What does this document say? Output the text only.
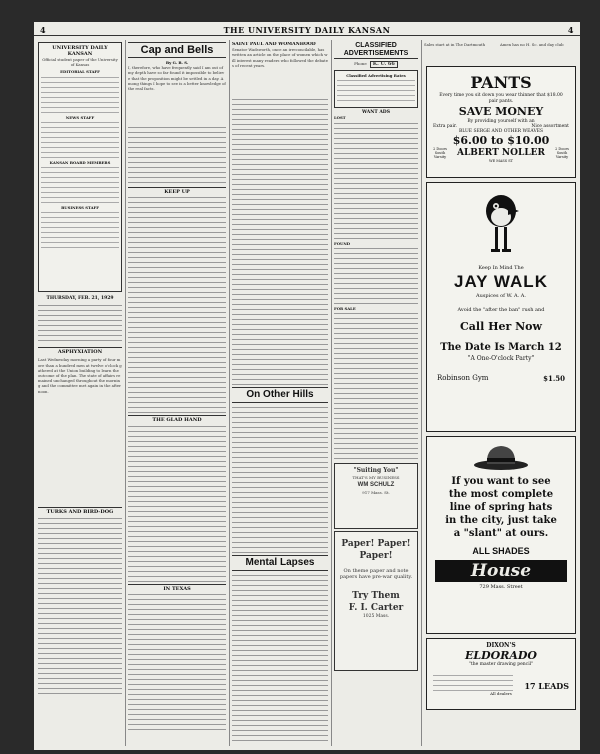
4	THE UNIVERSITY DAILY KANSAN	4
UNIVERSITY DAILY KANSAN
Official student paper of the University of Kansas
EDITORIAL STAFF
NEWS STAFF
KANSAN BOARD MEMBERS
BUSINESS STAFF
THURSDAY, FEB. 21, 1929
ASPHYXIATION
Last Wednesday morning a party of four more than a hundred men at twelve o'clock gathered at the Union building to learn the outcome of the plan. The state of affairs remained unchanged throughout the morning and the committee met again in the afternoon.
TURKS AND BIRD-DOG
Cap and Bells
By G. B. S.
I, therefore, who have frequently said I am out of my depth have so far found it impossible to believe that the proposition might be settled in a day. Among things I hope to see is a better knowledge of the real facts.
KEEP UP
THE GLAD HAND
IN TEXAS
SAINT PAUL AND WOMANHOOD
Senator Wadsworth, once an irreconcilable, has written an article on the place of women which will interest many readers who followed the debates of recent years.
On Other Hills
Mental Lapses
CLASSIFIED ADVERTISEMENTS
Phone	K. U. 66
Classified Advertising Rates
WANT ADS
LOST
FOUND
FOR SALE
"Suiting You"
THAT'S MY BUSINESS
WM SCHULZ
917 Mass. St.
Paper! Paper! Paper!
On theme paper and note papers have pre-war quality.
Try Them
F. I. Carter
1025 Mass.
Sales start at in The Dartmouth	Amen has no H. Sc. and day club
PANTS
Every time you sit down you wear thinner that $18.00 pair pants.
SAVE MONEY
By providing yourself with an
Extra pair.	Nice assortment
BLUE SERGE AND OTHER WEAVES
$6.00 to $10.00
2 Doors South Varsity	ALBERT NOLLER	2 Doors South Varsity
WE MASS ST
Keep In Mind The
JAY WALK
Auspices of W. A. A.
Avoid the "after the ban" rush and
Call Her Now
The Date Is March 12
"A One-O'clock Party"
Robinson Gym	$1.50
If you want to see
the most complete
line of spring hats
in the city, just take
a "slant" at ours.
ALL SHADES
House
729 Mass. Street
DIXON'S
ELDORADO
"the master drawing pencil"
17 LEADS
All dealers
